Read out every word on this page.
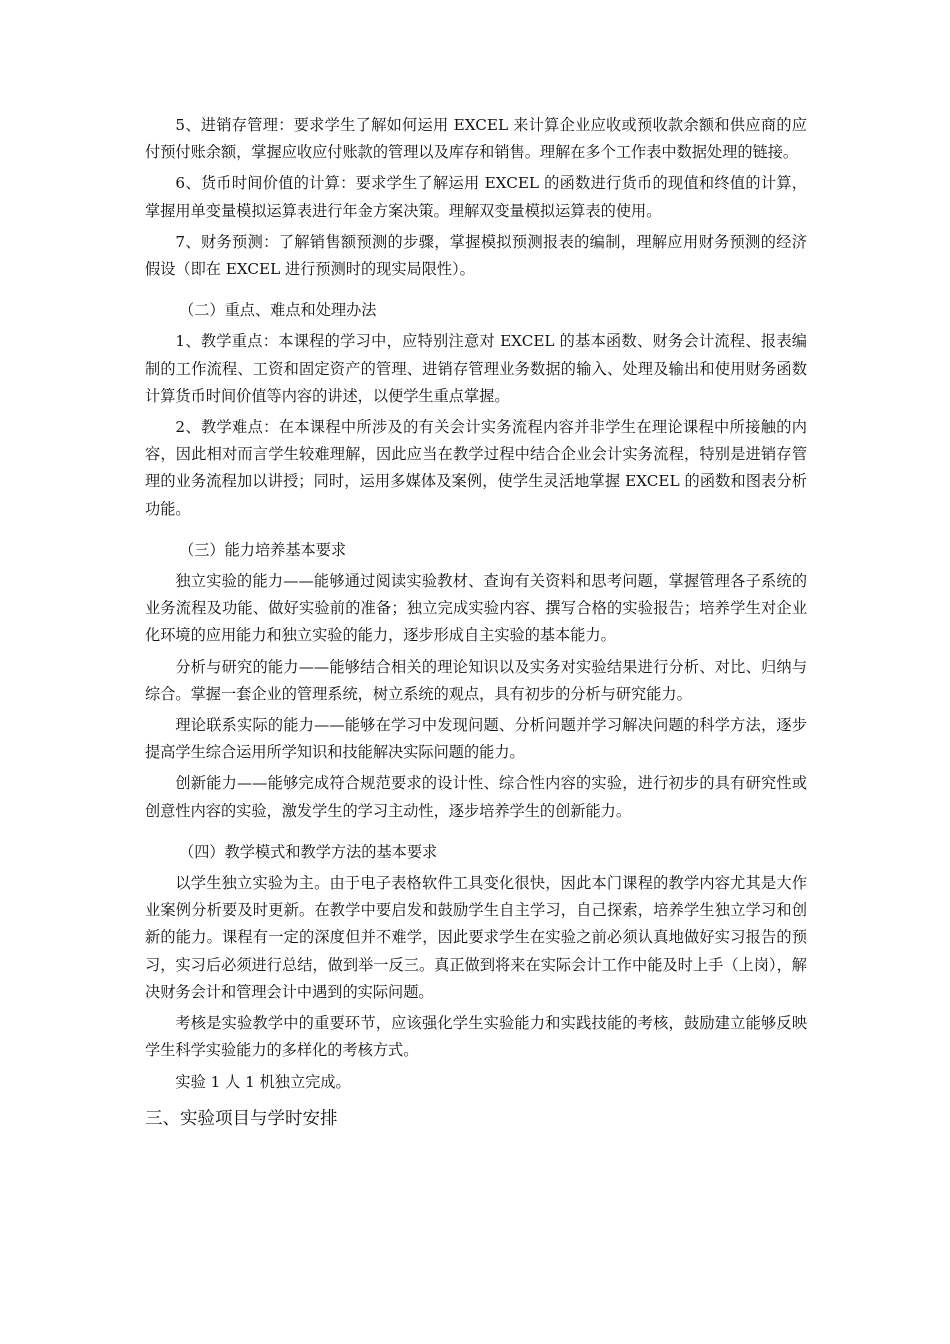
5、进销存管理：要求学生了解如何运用 EXCEL 来计算企业应收或预收款余额和供应商的应付预付账余额，掌握应收应付账款的管理以及库存和销售。理解在多个工作表中数据处理的链接。

6、货币时间价值的计算：要求学生了解运用 EXCEL 的函数进行货币的现值和终值的计算，掌握用单变量模拟运算表进行年金方案决策。理解双变量模拟运算表的使用。

7、财务预测：了解销售额预测的步骤，掌握模拟预测报表的编制，理解应用财务预测的经济假设（即在 EXCEL 进行预测时的现实局限性）。

（二）重点、难点和处理办法

1、教学重点：本课程的学习中，应特别注意对 EXCEL 的基本函数、财务会计流程、报表编制的工作流程、工资和固定资产的管理、进销存管理业务数据的输入、处理及输出和使用财务函数计算货币时间价值等内容的讲述，以便学生重点掌握。

2、教学难点：在本课程中所涉及的有关会计实务流程内容并非学生在理论课程中所接触的内容，因此相对而言学生较难理解，因此应当在教学过程中结合企业会计实务流程，特别是进销存管理的业务流程加以讲授；同时，运用多媒体及案例，使学生灵活地掌握 EXCEL 的函数和图表分析功能。

（三）能力培养基本要求

独立实验的能力——能够通过阅读实验教材、查询有关资料和思考问题，掌握管理各子系统的业务流程及功能、做好实验前的准备；独立完成实验内容、撰写合格的实验报告；培养学生对企业化环境的应用能力和独立实验的能力，逐步形成自主实验的基本能力。

分析与研究的能力——能够结合相关的理论知识以及实务对实验结果进行分析、对比、归纳与综合。掌握一套企业的管理系统，树立系统的观点，具有初步的分析与研究能力。

理论联系实际的能力——能够在学习中发现问题、分析问题并学习解决问题的科学方法，逐步提高学生综合运用所学知识和技能解决实际问题的能力。

创新能力——能够完成符合规范要求的设计性、综合性内容的实验，进行初步的具有研究性或创意性内容的实验，激发学生的学习主动性，逐步培养学生的创新能力。

（四）教学模式和教学方法的基本要求

以学生独立实验为主。由于电子表格软件工具变化很快，因此本门课程的教学内容尤其是大作业案例分析要及时更新。在教学中要启发和鼓励学生自主学习，自己探索，培养学生独立学习和创新的能力。课程有一定的深度但并不难学，因此要求学生在实验之前必须认真地做好实习报告的预习，实习后必须进行总结，做到举一反三。真正做到将来在实际会计工作中能及时上手（上岗），解决财务会计和管理会计中遇到的实际问题。

考核是实验教学中的重要环节，应该强化学生实验能力和实践技能的考核，鼓励建立能够反映学生科学实验能力的多样化的考核方式。

实验 1 人 1 机独立完成。

三、实验项目与学时安排
